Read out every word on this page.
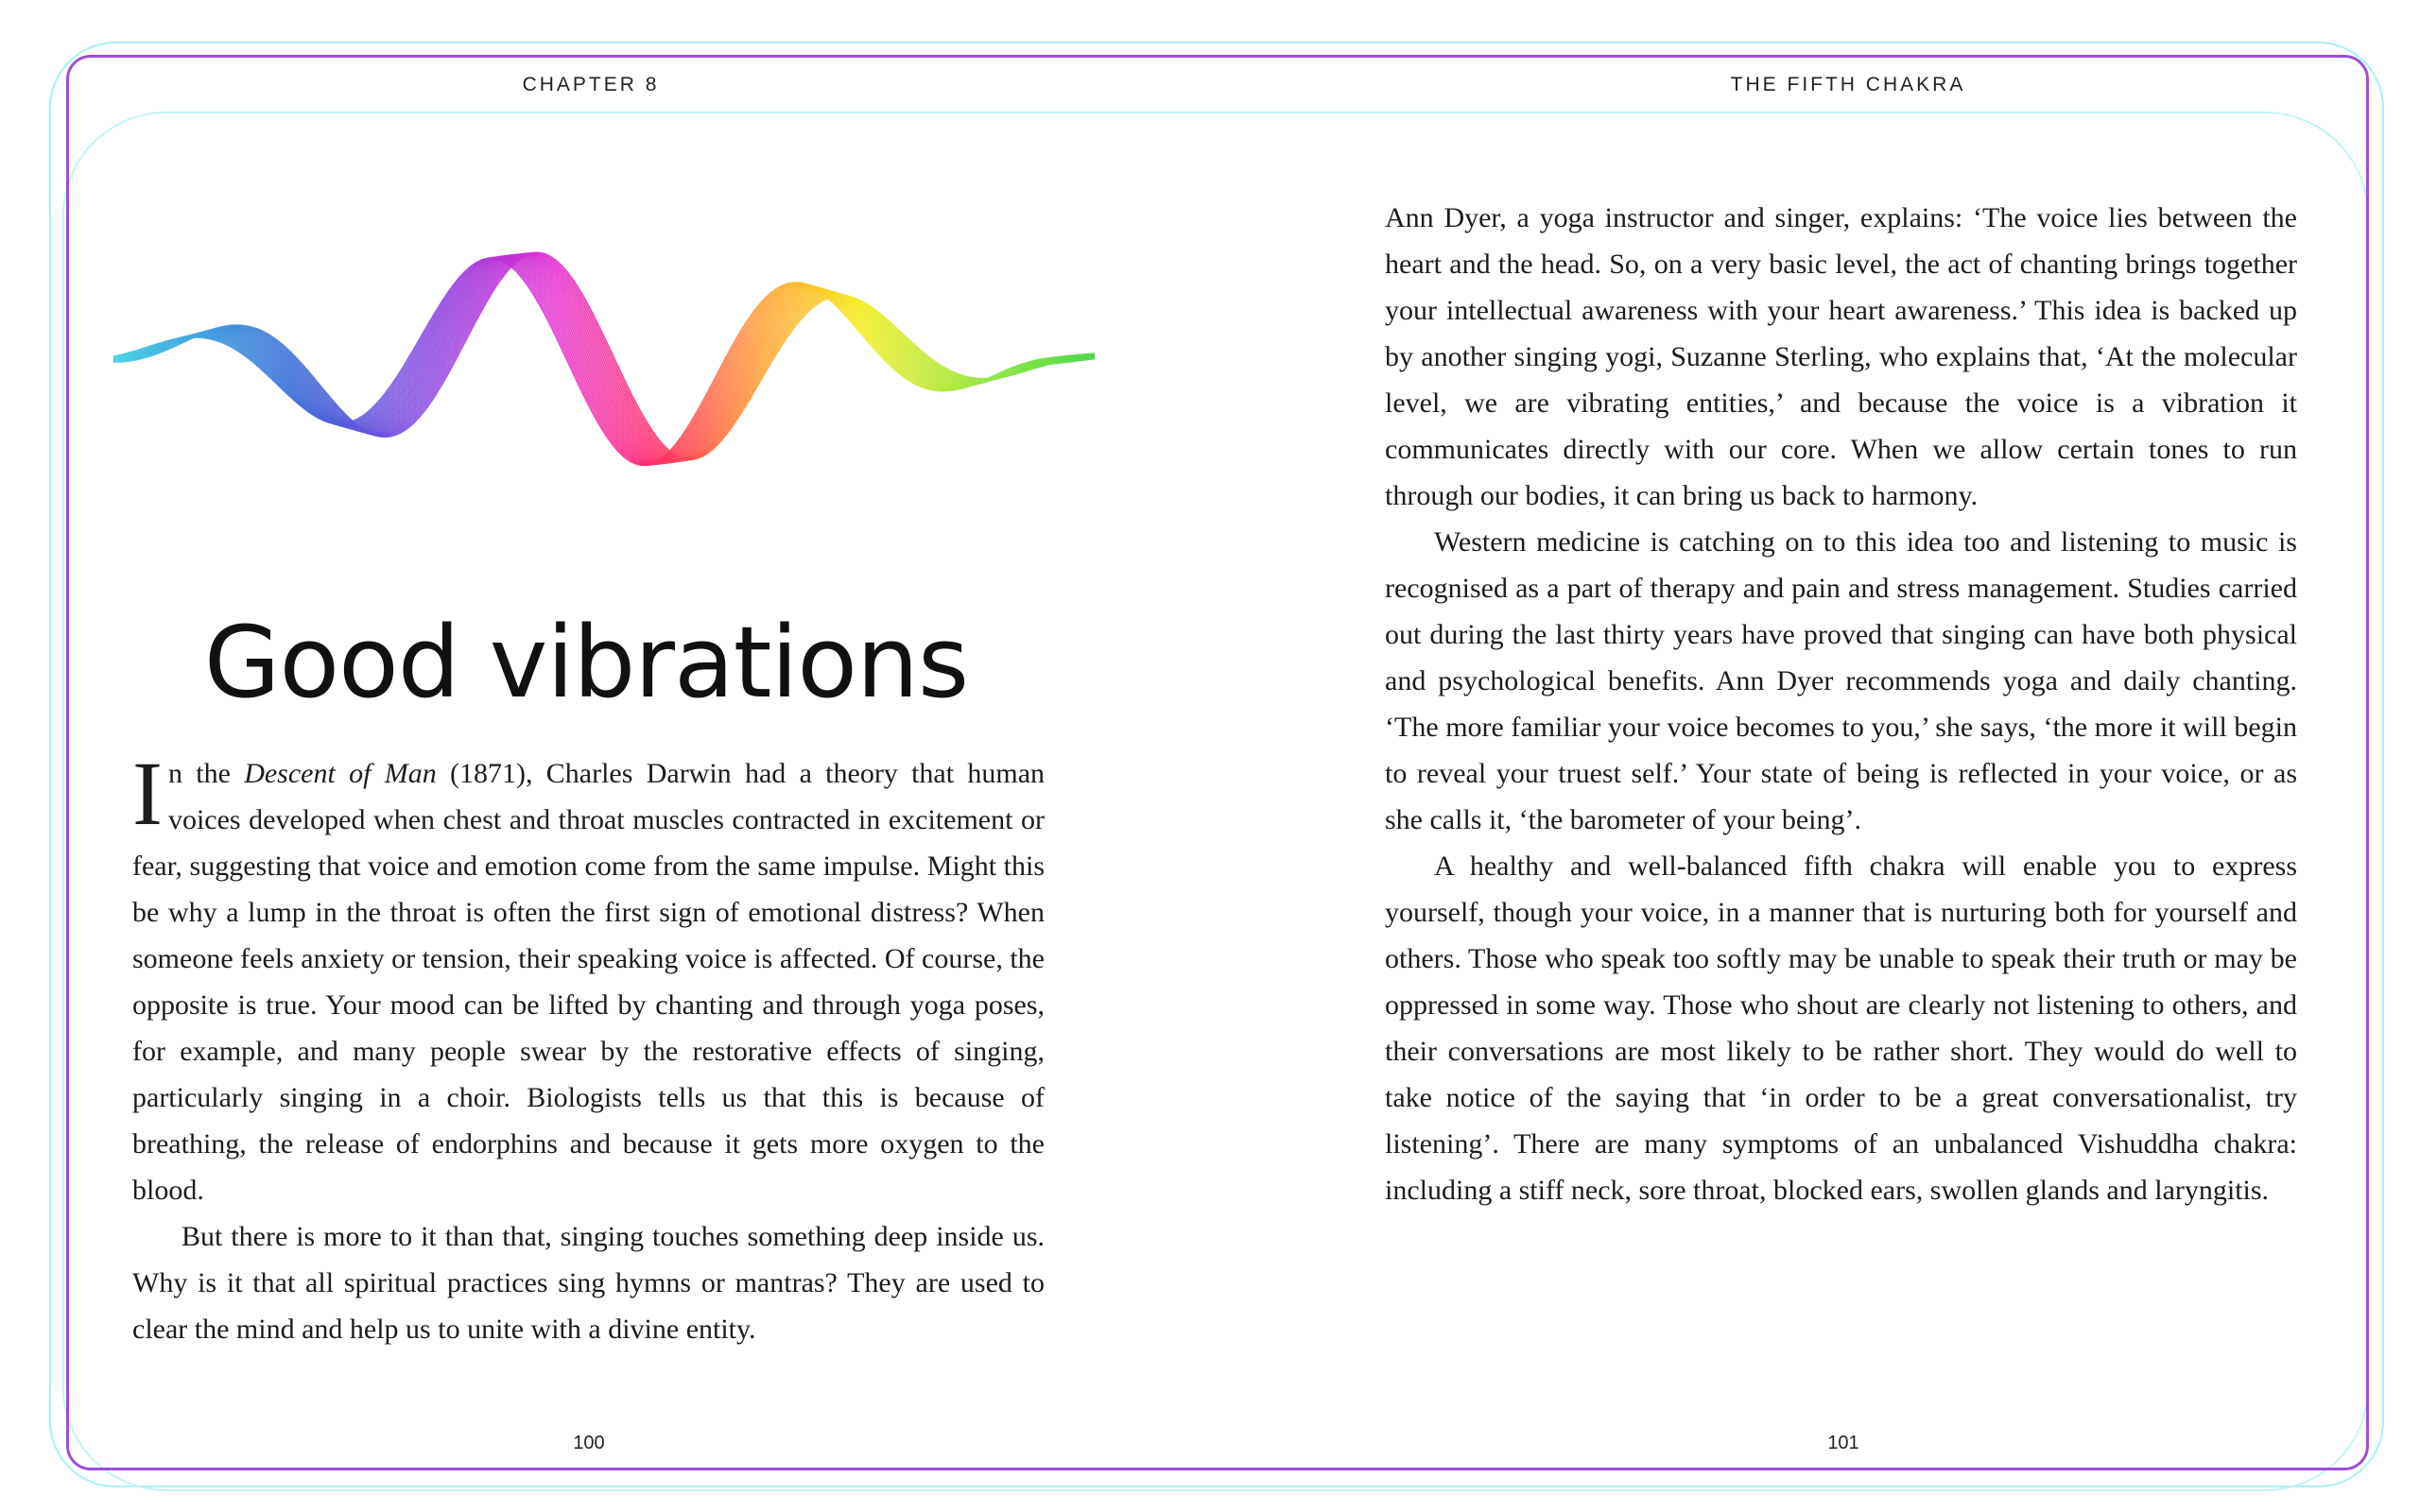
CHAPTER 8	THE FIFTH CHAKRA
Good vibrations

In the Descent of Man (1871), Charles Darwin had a theory that human voices developed when chest and throat muscles contracted in excitement or fear, suggesting that voice and emotion come from the same impulse. Might this be why a lump in the throat is often the first sign of emotional distress? When someone feels anxiety or tension, their speaking voice is affected. Of course, the opposite is true. Your mood can be lifted by chanting and through yoga poses, for example, and many people swear by the restorative effects of singing, particularly singing in a choir. Biologists tells us that this is because of breathing, the release of endorphins and because it gets more oxygen to the blood.

But there is more to it than that, singing touches something deep inside us. Why is it that all spiritual practices sing hymns or mantras? They are used to clear the mind and help us to unite with a divine entity.

Ann Dyer, a yoga instructor and singer, explains: ‘The voice lies between the heart and the head. So, on a very basic level, the act of chanting brings together your intellectual awareness with your heart awareness.’ This idea is backed up by another singing yogi, Suzanne Sterling, who explains that, ‘At the molecular level, we are vibrating entities,’ and because the voice is a vibration it communicates directly with our core. When we allow certain tones to run through our bodies, it can bring us back to harmony.

Western medicine is catching on to this idea too and listening to music is recognised as a part of therapy and pain and stress management. Studies carried out during the last thirty years have proved that singing can have both physical and psychological benefits. Ann Dyer recommends yoga and daily chanting. ‘The more familiar your voice becomes to you,’ she says, ‘the more it will begin to reveal your truest self.’ Your state of being is reflected in your voice, or as she calls it, ‘the barometer of your being’.

A healthy and well-balanced fifth chakra will enable you to express yourself, though your voice, in a manner that is nurturing both for yourself and others. Those who speak too softly may be unable to speak their truth or may be oppressed in some way. Those who shout are clearly not listening to others, and their conversations are most likely to be rather short. They would do well to take notice of the saying that ‘in order to be a great conversationalist, try listening’. There are many symptoms of an unbalanced Vishuddha chakra: including a stiff neck, sore throat, blocked ears, swollen glands and laryngitis.

100	101
